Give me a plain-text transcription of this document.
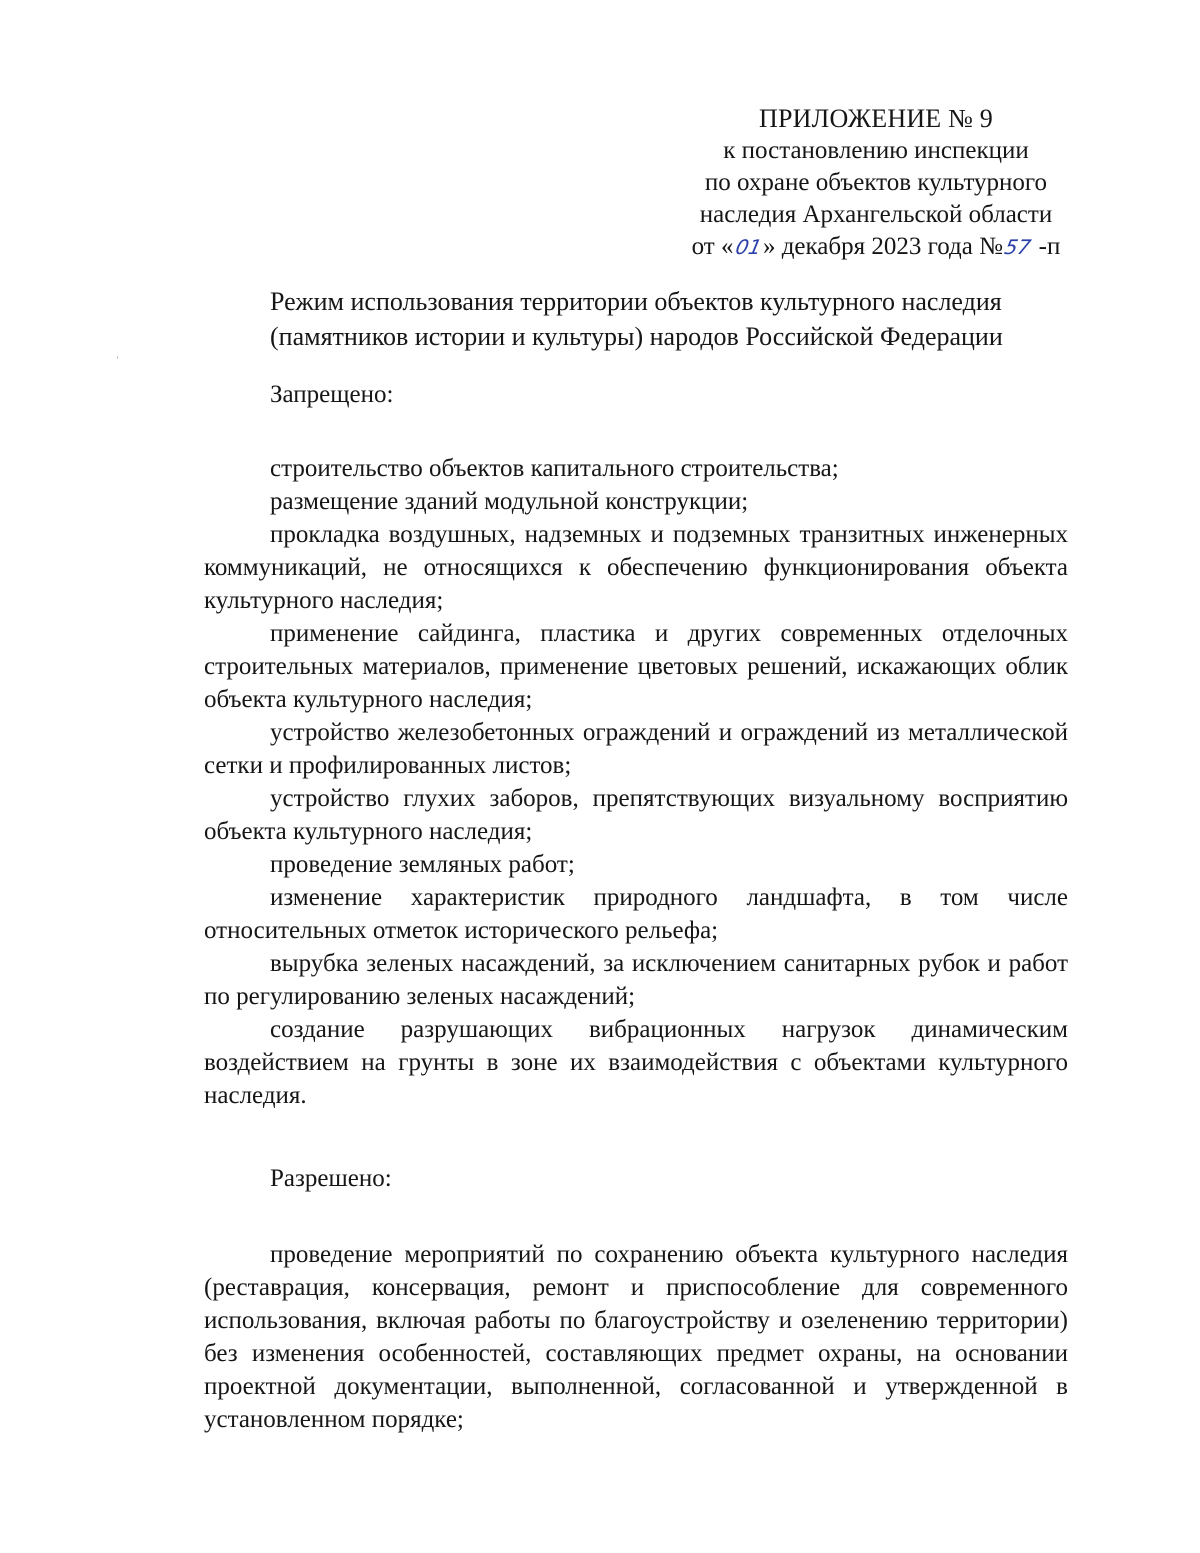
ПРИЛОЖЕНИЕ № 9
к постановлению инспекции
по охране объектов культурного
наследия Архангельской области
от «01» декабря 2023 года №57 -п
Режим использования территории объектов культурного наследия
(памятников истории и культуры) народов Российской Федерации
Запрещено:

строительство объектов капитального строительства;

размещение зданий модульной конструкции;

прокладка воздушных, надземных и подземных транзитных инженерных коммуникаций, не относящихся к обеспечению функционирования объекта культурного наследия;

применение сайдинга, пластика и других современных отделочных строительных материалов, применение цветовых решений, искажающих облик объекта культурного наследия;

устройство железобетонных ограждений и ограждений из металлической сетки и профилированных листов;

устройство глухих заборов, препятствующих визуальному восприятию объекта культурного наследия;

проведение земляных работ;

изменение характеристик природного ландшафта, в том числе относительных отметок исторического рельефа;

вырубка зеленых насаждений, за исключением санитарных рубок и работ по регулированию зеленых насаждений;

создание разрушающих вибрационных нагрузок динамическим воздействием на грунты в зоне их взаимодействия с объектами культурного наследия.

Разрешено:

проведение мероприятий по сохранению объекта культурного наследия (реставрация, консервация, ремонт и приспособление для современного использования, включая работы по благоустройству и озеленению территории) без изменения особенностей, составляющих предмет охраны, на основании проектной документации, выполненной, согласованной и утвержденной в установленном порядке;
